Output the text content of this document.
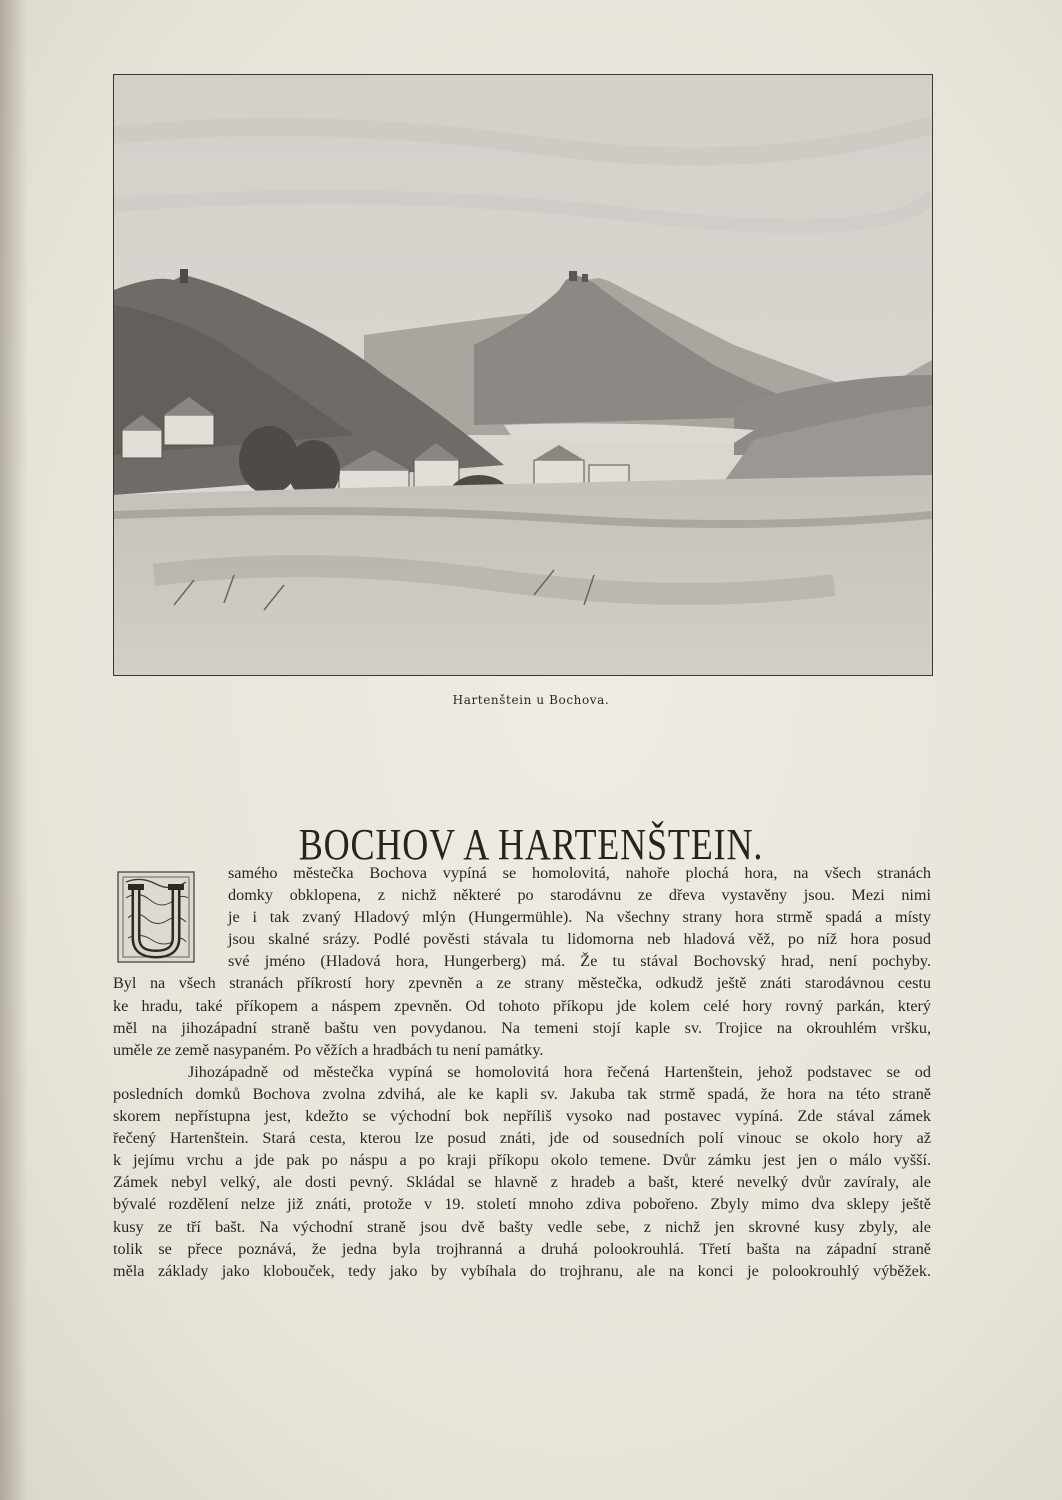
Hartenštein u Bochova.
BOCHOV A HARTENŠTEIN.
samého městečka Bochova vypíná se homolovitá, nahoře plochá hora, na všech stranách
domky obklopena, z nichž některé po starodávnu ze dřeva vystavěny jsou. Mezi nimi
je i tak zvaný Hladový mlýn (Hungermühle). Na všechny strany hora strmě spadá a místy
jsou skalné srázy. Podlé pověsti stávala tu lidomorna neb hladová věž, po níž hora posud
své jméno (Hladová hora, Hungerberg) má. Že tu stával Bochovský hrad, není pochyby.
Byl na všech stranách příkrostí hory zpevněn a ze strany městečka, odkudž ještě znáti starodávnou cestu
ke hradu, také příkopem a náspem zpevněn. Od tohoto příkopu jde kolem celé hory rovný parkán, který
měl na jihozápadní straně baštu ven povydanou. Na temeni stojí kaple sv. Trojice na okrouhlém vršku,
uměle ze země nasypaném. Po věžích a hradbách tu není památky.
Jihozápadně od městečka vypíná se homolovitá hora řečená Hartenštein, jehož podstavec se od
posledních domků Bochova zvolna zdvihá, ale ke kapli sv. Jakuba tak strmě spadá, že hora na této straně
skorem nepřístupna jest, kdežto se východní bok nepříliš vysoko nad postavec vypíná. Zde stával zámek
řečený Hartenštein. Stará cesta, kterou lze posud znáti, jde od sousedních polí vinouc se okolo hory až
k jejímu vrchu a jde pak po náspu a po kraji příkopu okolo temene. Dvůr zámku jest jen o málo vyšší.
Zámek nebyl velký, ale dosti pevný. Skládal se hlavně z hradeb a bašt, které nevelký dvůr zavíraly, ale
bývalé rozdělení nelze již znáti, protože v 19. století mnoho zdiva pobořeno. Zbyly mimo dva sklepy ještě
kusy ze tří bašt. Na východní straně jsou dvě bašty vedle sebe, z nichž jen skrovné kusy zbyly, ale
tolik se přece poznává, že jedna byla trojhranná a druhá polookrouhlá. Třetí bašta na západní straně
měla základy jako klobouček, tedy jako by vybíhala do trojhranu, ale na konci je polookrouhlý výběžek.
